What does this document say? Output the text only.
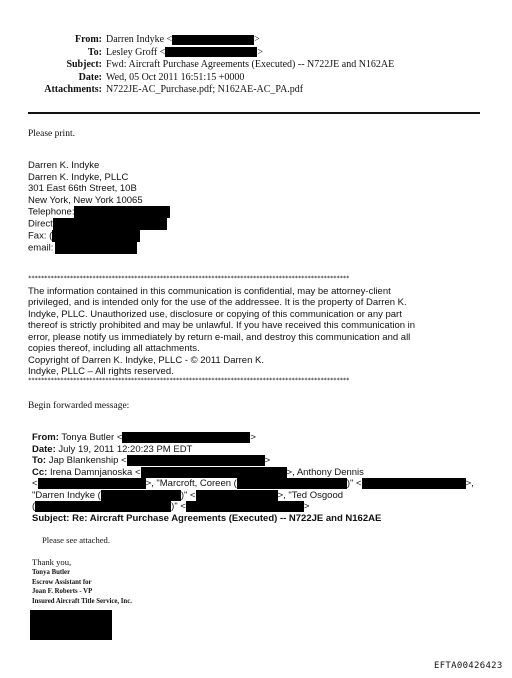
From: Darren Indyke <	>
To: Lesley Groff <	>
Subject: Fwd: Aircraft Purchase Agreements (Executed) -- N722JE and N162AE
Date: Wed, 05 Oct 2011 16:51:15 +0000
Attachments: N722JE-AC_Purchase.pdf; N162AE-AC_PA.pdf
Please print.
Darren K. Indyke
Darren K. Indyke, PLLC
301 East 66th Street, 10B
New York, New York 10065
Telephone:
Direct
Fax: (
email:
****************************************************************************************************
The information contained in this communication is confidential, may be attorney-client privileged, and is intended only for the use of the addressee. It is the property of Darren K. Indyke, PLLC. Unauthorized use, disclosure or copying of this communication or any part thereof is strictly prohibited and may be unlawful. If you have received this communication in error, please notify us immediately by return e-mail, and destroy this communication and all copies thereof, including all attachments.
Copyright of Darren K. Indyke, PLLC - © 2011 Darren K.
Indyke, PLLC – All rights reserved.
****************************************************************************************************
Begin forwarded message:
From: Tonya Butler <	>
Date: July 19, 2011 12:20:23 PM EDT
To: Jap Blankenship <	>
Cc: Irena Damnjanoska <	>, Anthony Dennis
<	>, "Marcroft, Coreen (	)" <	>,
"Darren Indyke (	)" <	>, "Ted Osgood
(	)" <	>
Subject: Re: Aircraft Purchase Agreements (Executed) -- N722JE and N162AE
Please see attached.
Thank you,
Tonya Butler
Escrow Assistant for
Joan F. Roberts - VP
Insured Aircraft Title Service, Inc.
EFTA00426423
